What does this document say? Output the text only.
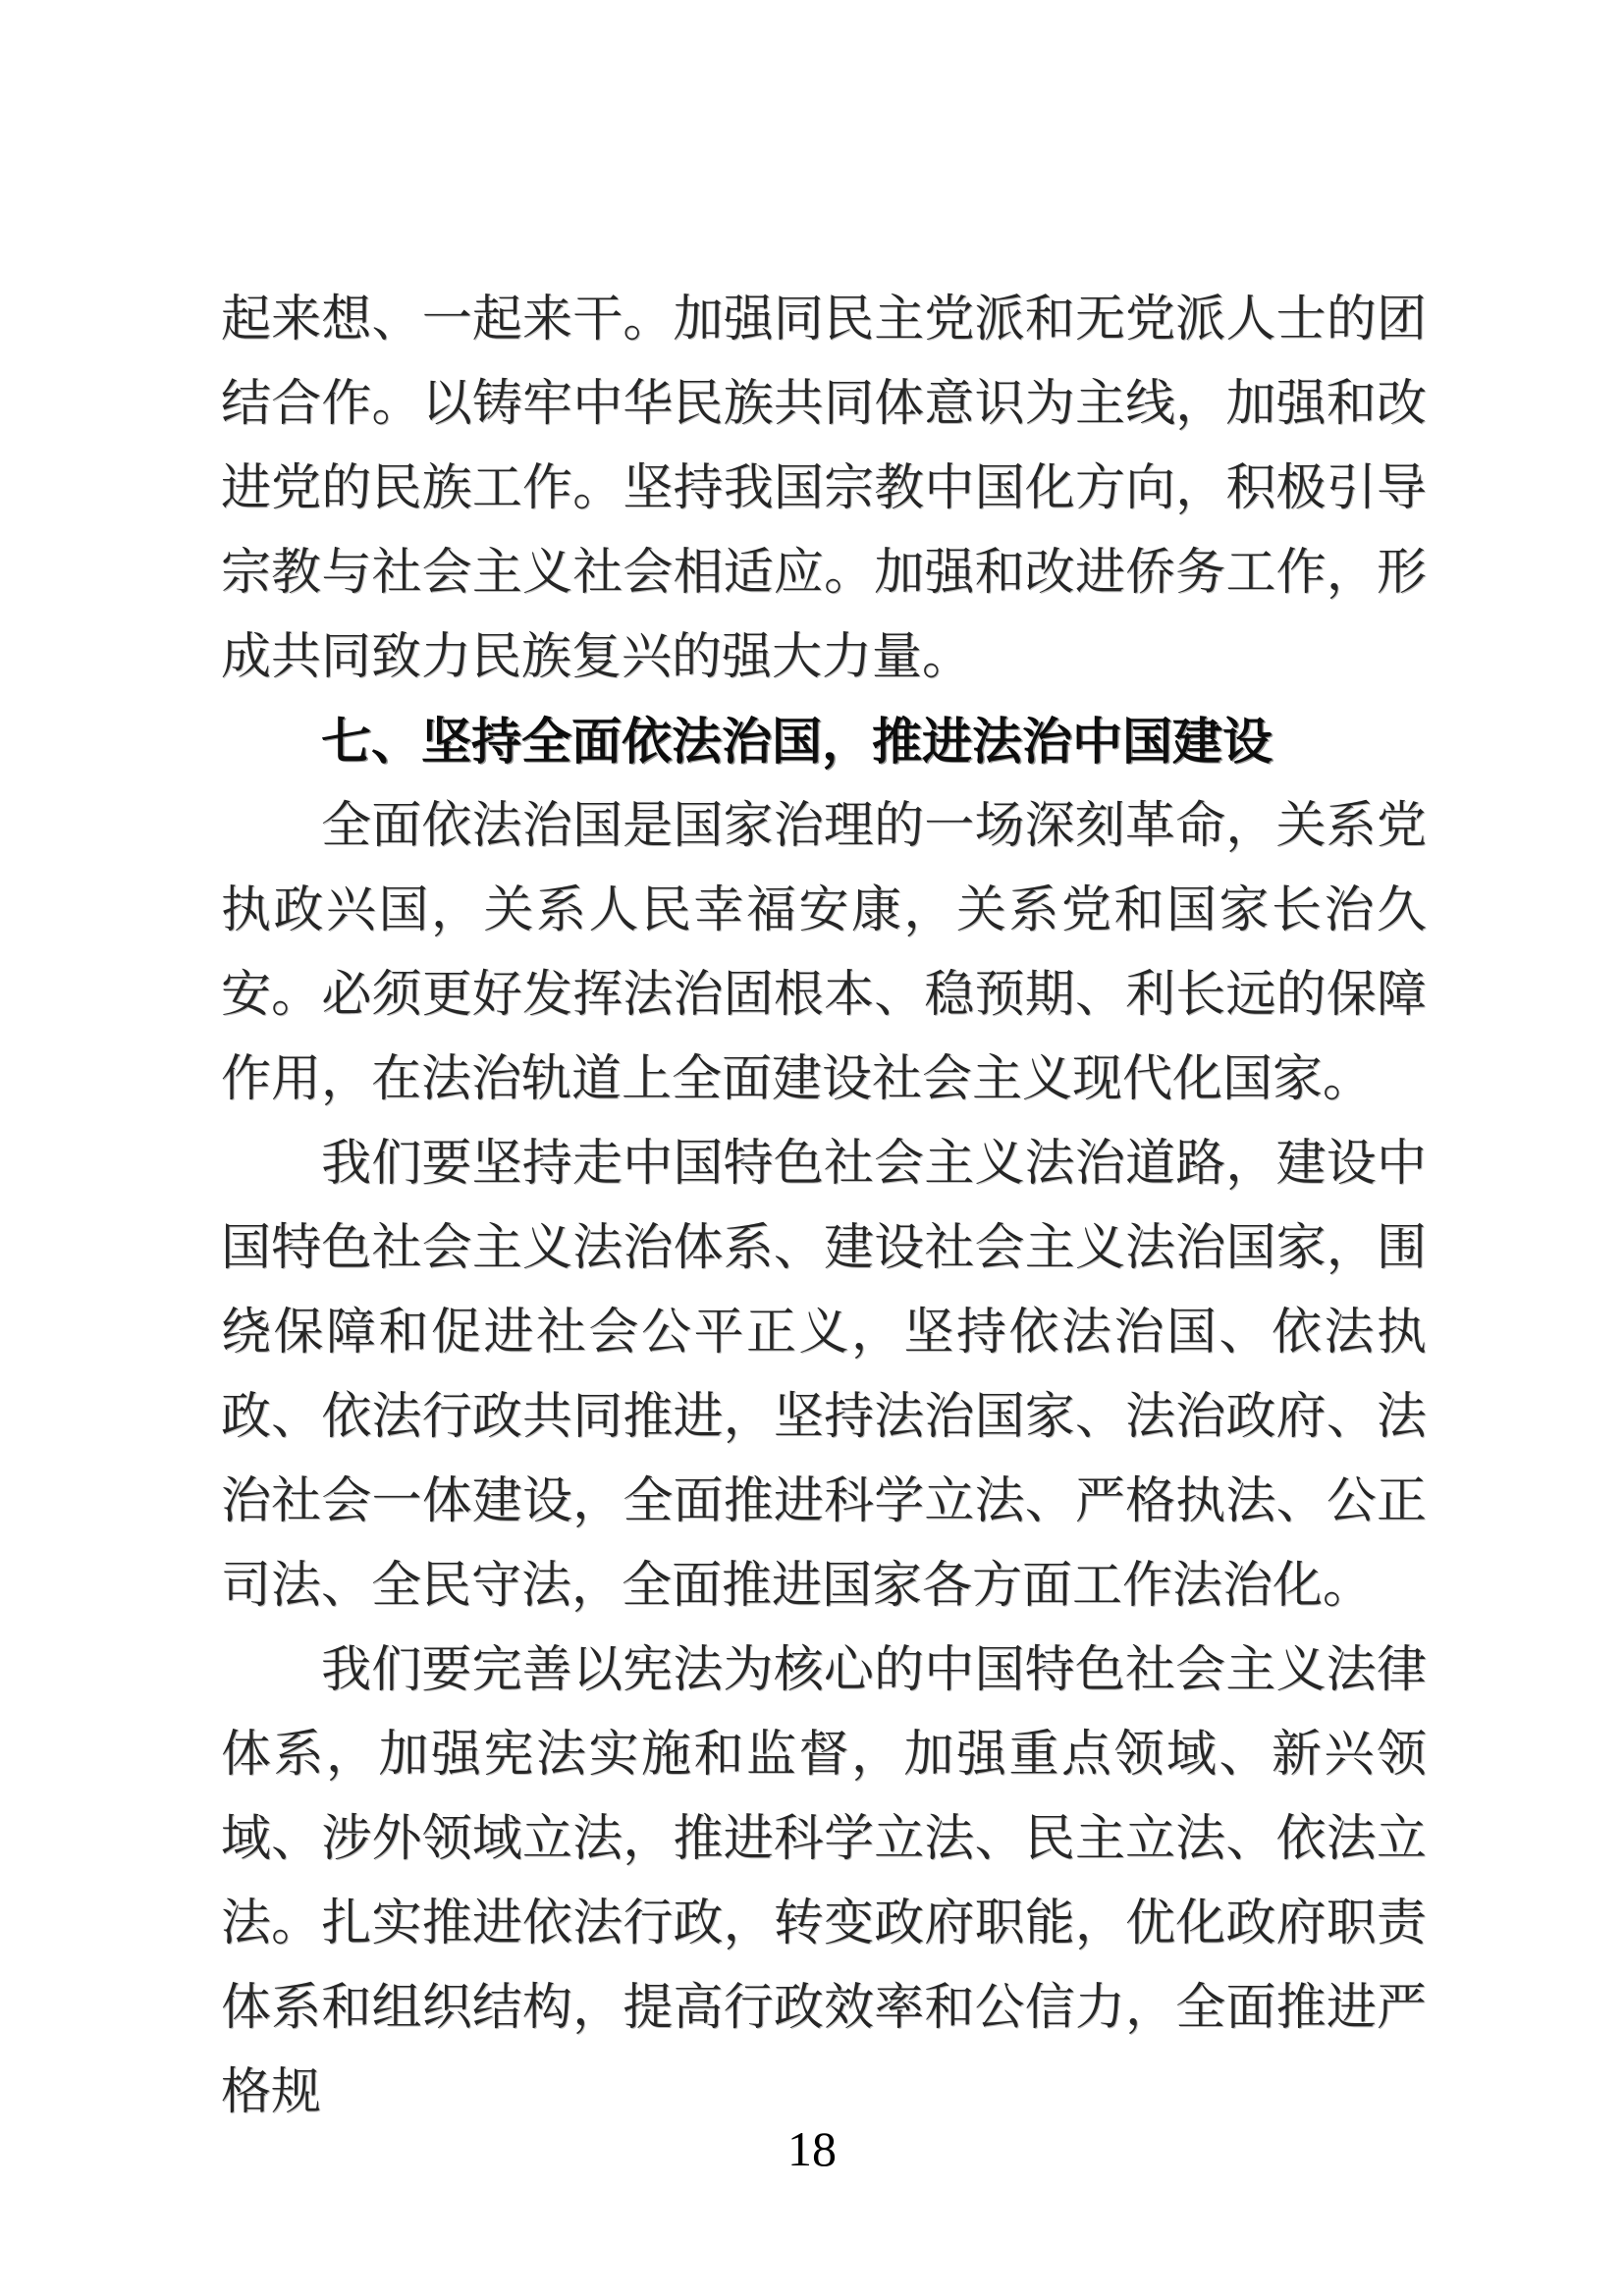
起来想、一起来干。加强同民主党派和无党派人士的团结合作。以铸牢中华民族共同体意识为主线，加强和改进党的民族工作。坚持我国宗教中国化方向，积极引导宗教与社会主义社会相适应。加强和改进侨务工作，形成共同致力民族复兴的强大力量。

七、坚持全面依法治国，推进法治中国建设

全面依法治国是国家治理的一场深刻革命，关系党执政兴国，关系人民幸福安康，关系党和国家长治久安。必须更好发挥法治固根本、稳预期、利长远的保障作用，在法治轨道上全面建设社会主义现代化国家。

我们要坚持走中国特色社会主义法治道路，建设中国特色社会主义法治体系、建设社会主义法治国家，围绕保障和促进社会公平正义，坚持依法治国、依法执政、依法行政共同推进，坚持法治国家、法治政府、法治社会一体建设，全面推进科学立法、严格执法、公正司法、全民守法，全面推进国家各方面工作法治化。

我们要完善以宪法为核心的中国特色社会主义法律体系，加强宪法实施和监督，加强重点领域、新兴领域、涉外领域立法，推进科学立法、民主立法、依法立法。扎实推进依法行政，转变政府职能，优化政府职责体系和组织结构，提高行政效率和公信力，全面推进严格规

18
